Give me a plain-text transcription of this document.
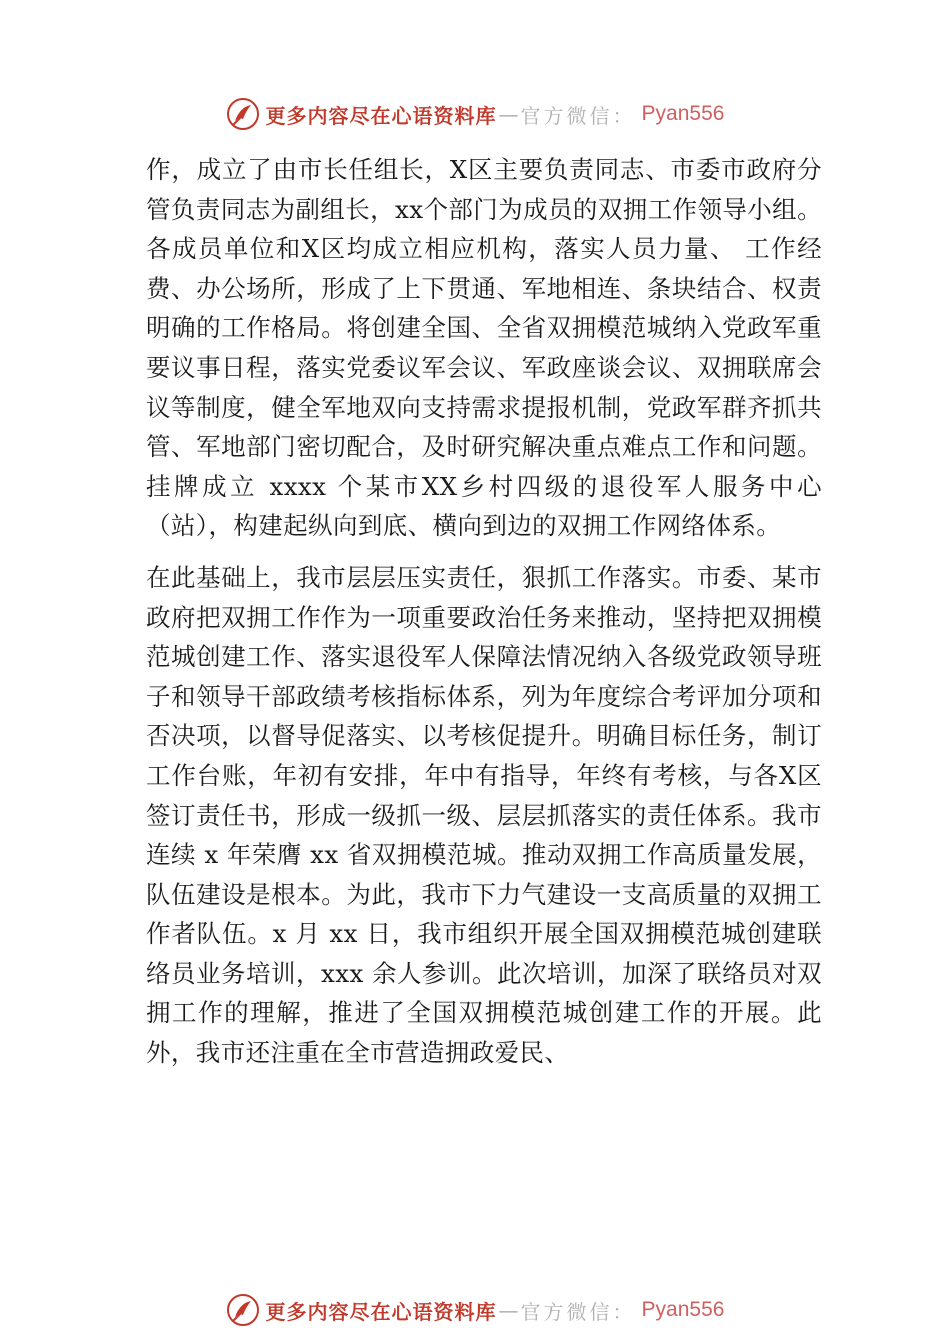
更多内容尽在心语资料库 — 官方微信： Pyan556

作，成立了由市长任组长，X区主要负责同志、市委市政府分管负责同志为副组长，xx个部门为成员的双拥工作领导小组。各成员单位和X区均成立相应机构，落实人员力量、 工作经费、办公场所，形成了上下贯通、军地相连、条块结合、权责明确的工作格局。将创建全国、全省双拥模范城纳入党政军重要议事日程，落实党委议军会议、军政座谈会议、双拥联席会议等制度，健全军地双向支持需求提报机制，党政军群齐抓共管、军地部门密切配合，及时研究解决重点难点工作和问题。挂牌成立 xxxx 个某市XX乡村四级的退役军人服务中心（站），构建起纵向到底、横向到边的双拥工作网络体系。

在此基础上，我市层层压实责任，狠抓工作落实。市委、某市政府把双拥工作作为一项重要政治任务来推动，坚持把双拥模范城创建工作、落实退役军人保障法情况纳入各级党政领导班子和领导干部政绩考核指标体系，列为年度综合考评加分项和否决项，以督导促落实、以考核促提升。明确目标任务，制订工作台账，年初有安排，年中有指导，年终有考核，与各X区签订责任书，形成一级抓一级、层层抓落实的责任体系。我市连续 x 年荣膺 xx 省双拥模范城。推动双拥工作高质量发展，队伍建设是根本。为此，我市下力气建设一支高质量的双拥工作者队伍。x 月 xx 日，我市组织开展全国双拥模范城创建联络员业务培训，xxx 余人参训。此次培训，加深了联络员对双拥工作的理解，推进了全国双拥模范城创建工作的开展。此外，我市还注重在全市营造拥政爱民、

更多内容尽在心语资料库 — 官方微信： Pyan556
